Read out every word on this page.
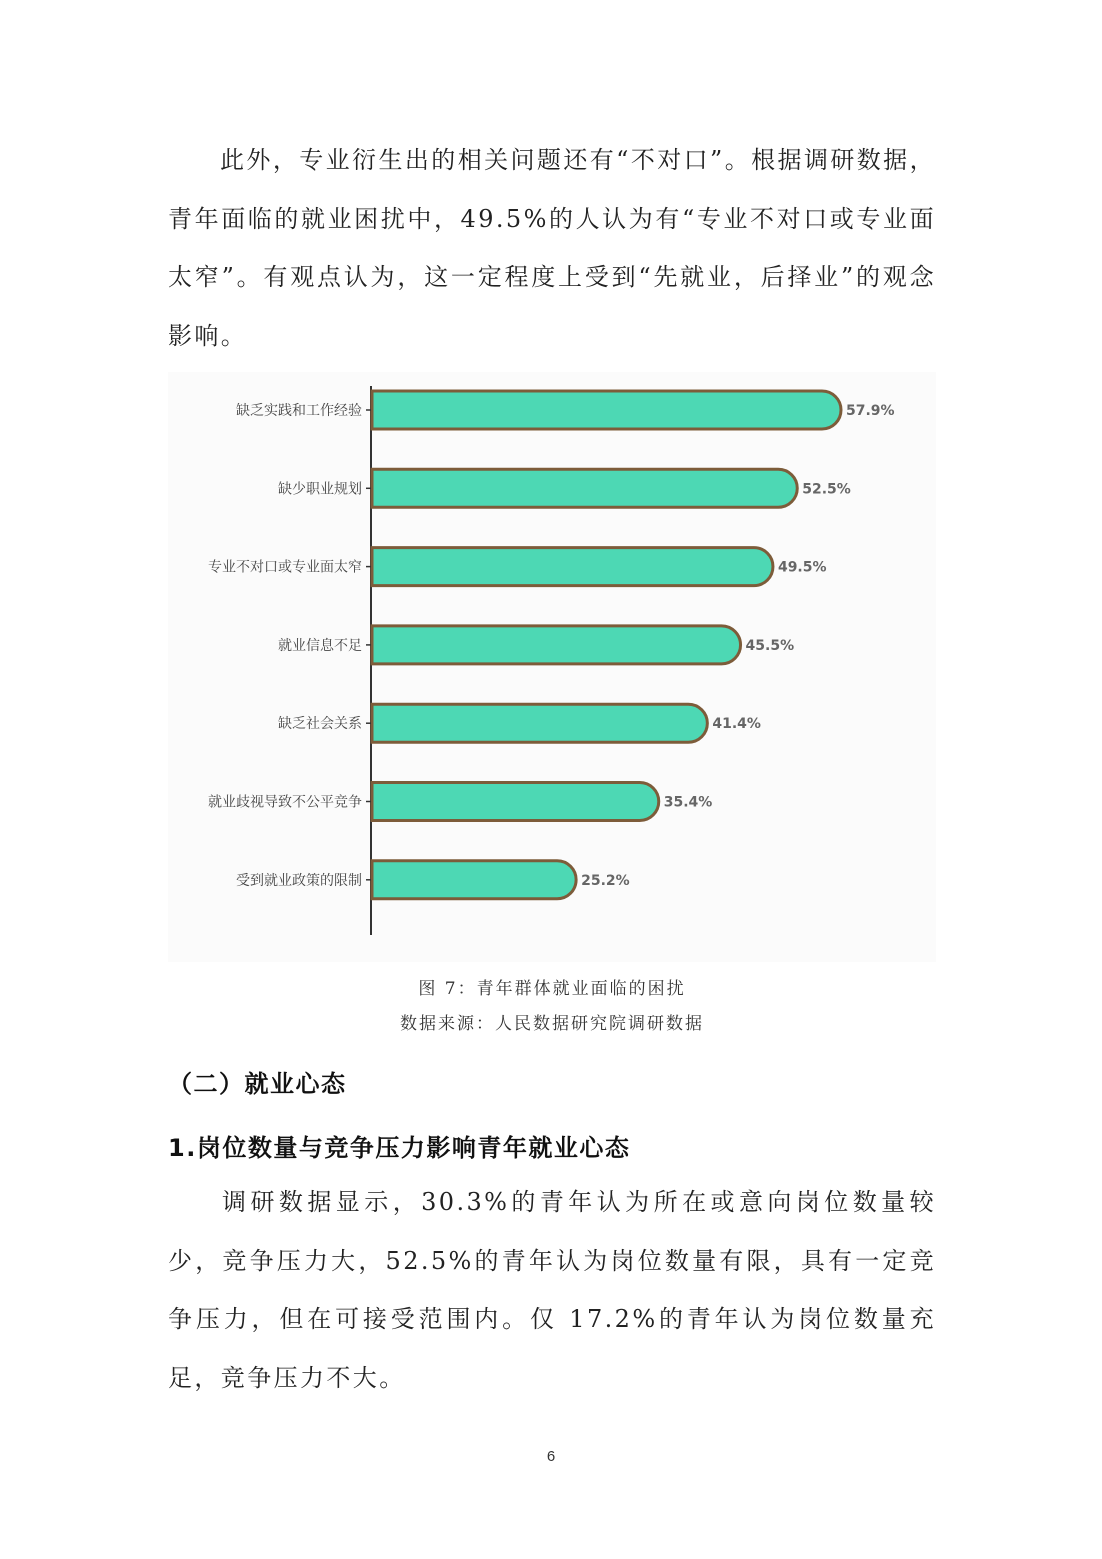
此外，专业衍生出的相关问题还有“不对口”。根据调研数据，青年面临的就业困扰中，49.5%的人认为有“专业不对口或专业面太窄”。有观点认为，这一定程度上受到“先就业，后择业”的观念影响。

缺乏实践和工作经验	57.9%
缺少职业规划	52.5%
专业不对口或专业面太窄	49.5%
就业信息不足	45.5%
缺乏社会关系	41.4%
就业歧视导致不公平竞争	35.4%
受到就业政策的限制	25.2%

图 7：青年群体就业面临的困扰

数据来源：人民数据研究院调研数据

（二）就业心态
1.岗位数量与竞争压力影响青年就业心态

调研数据显示，30.3%的青年认为所在或意向岗位数量较少，竞争压力大，52.5%的青年认为岗位数量有限，具有一定竞争压力，但在可接受范围内。仅 17.2%的青年认为岗位数量充足，竞争压力不大。

6
